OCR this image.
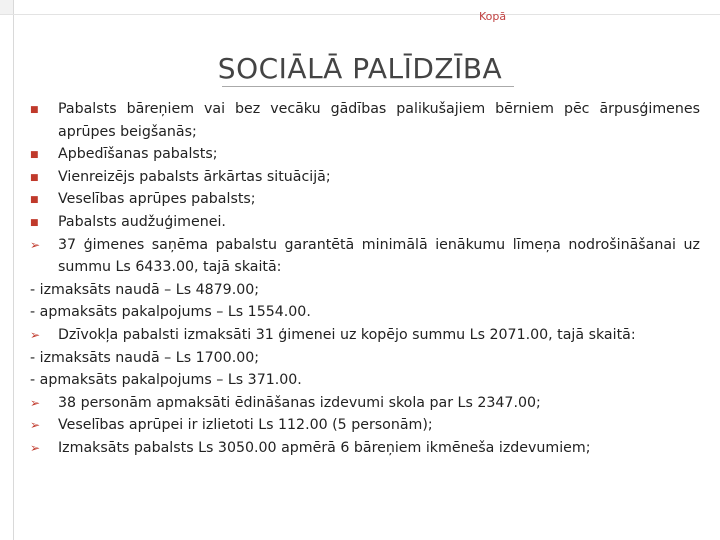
Kopā
SOCIĀLĀ PALĪDZĪBA
■ Pabalsts bāreņiem vai bez vecāku gādības palikušajiem bērniem pēc ārpusģimenes aprūpes beigšanās;
■ Apbedīšanas pabalsts;
■ Vienreizējs pabalsts ārkārtas situācijā;
■ Veselības aprūpes pabalsts;
■ Pabalsts audžuģimenei.
➢ 37 ģimenes saņēma pabalstu garantētā minimālā ienākumu līmeņa nodrošināšanai uz summu Ls 6433.00, tajā skaitā:
- izmaksāts naudā – Ls 4879.00;
- apmaksāts pakalpojums – Ls 1554.00.
➢ Dzīvokļa pabalsti izmaksāti 31 ģimenei uz kopējo summu Ls 2071.00, tajā skaitā:
- izmaksāts naudā – Ls 1700.00;
- apmaksāts pakalpojums – Ls 371.00.
➢ 38 personām apmaksāti ēdināšanas izdevumi skola par Ls 2347.00;
➢ Veselības aprūpei ir izlietoti Ls 112.00 (5 personām);
➢ Izmaksāts pabalsts Ls 3050.00 apmērā 6 bāreņiem ikmēneša izdevumiem;
